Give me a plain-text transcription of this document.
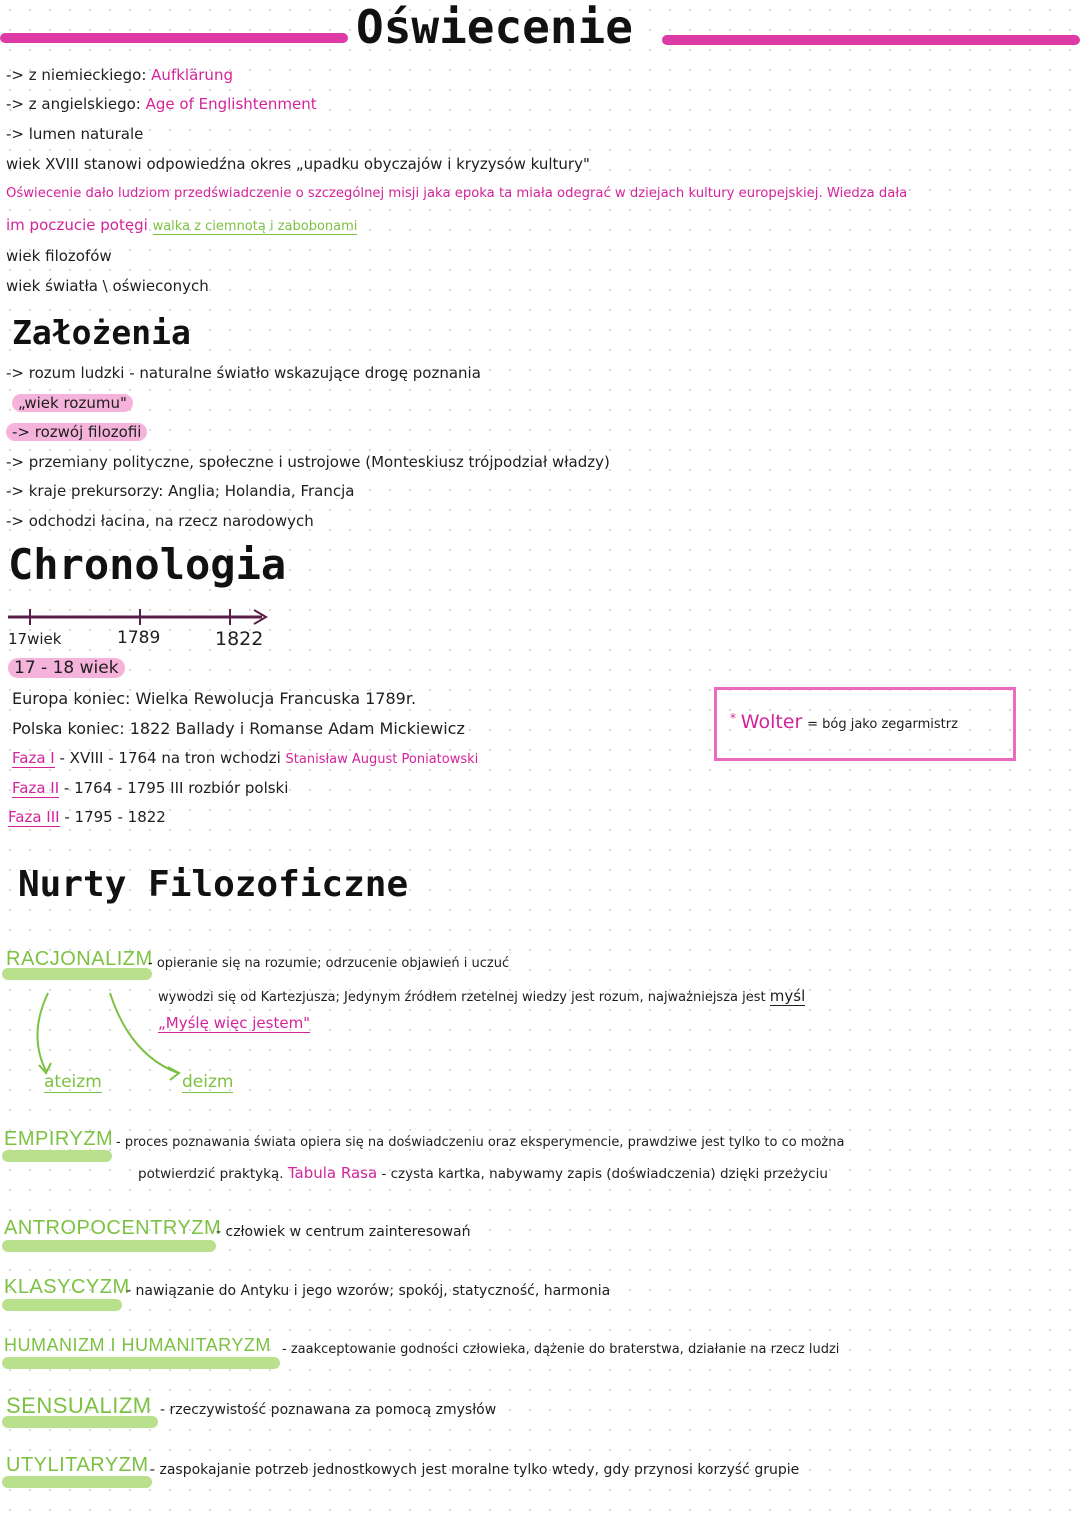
Oświecenie
-> z niemieckiego: Aufklärung
-> z angielskiego: Age of Englishtenment
-> lumen naturale
wiek XVIII stanowi odpowiedźna okres „upadku obyczajów i kryzysów kultury"
Oświecenie dało ludziom przedświadczenie o szczególnej misji jaka epoka ta miała odegrać w dziejach kultury europejskiej. Wiedza dała
im poczucie potęgi walka z ciemnotą i zabobonami
wiek filozofów
wiek światła \ oświeconych
Założenia
-> rozum ludzki - naturalne światło wskazujące drogę poznania
„wiek rozumu"
-> rozwój filozofii
-> przemiany polityczne, społeczne i ustrojowe (Monteskiusz trójpodział władzy)
-> kraje prekursorzy: Anglia; Holandia, Francja
-> odchodzi łacina, na rzecz narodowych
Chronologia
17wiek	1789	1822
17 - 18 wiek
Europa koniec: Wielka Rewolucja Francuska 1789r.
Polska koniec: 1822 Ballady i Romanse Adam Mickiewicz
Faza I - XVIII - 1764 na tron wchodzi Stanisław August Poniatowski
Faza II - 1764 - 1795 III rozbiór polski
Faza III - 1795 - 1822
* Wolter = bóg jako zegarmistrz
Nurty Filozoficzne
RACJONALIZM
- opieranie się na rozumie; odrzucenie objawień i uczuć
wywodzi się od Kartezjusza; Jedynym źródłem rzetelnej wiedzy jest rozum, najważniejsza jest myśl
„Myślę więc jestem"
ateizm	deizm
EMPIRYZM - proces poznawania świata opiera się na doświadczeniu oraz eksperymencie, prawdziwe jest tylko to co można
potwierdzić praktyką. Tabula Rasa - czysta kartka, nabywamy zapis (doświadczenia) dzięki przeżyciu
ANTROPOCENTRYZM
- człowiek w centrum zainteresowań
KLASYCYZM
- nawiązanie do Antyku i jego wzorów; spokój, statyczność, harmonia
HUMANIZM I HUMANITARYZM - zaakceptowanie godności człowieka, dążenie do braterstwa, działanie na rzecz ludzi
SENSUALIZM - rzeczywistość poznawana za pomocą zmysłów
UTYLITARYZM - zaspokajanie potrzeb jednostkowych jest moralne tylko wtedy, gdy przynosi korzyść grupie
